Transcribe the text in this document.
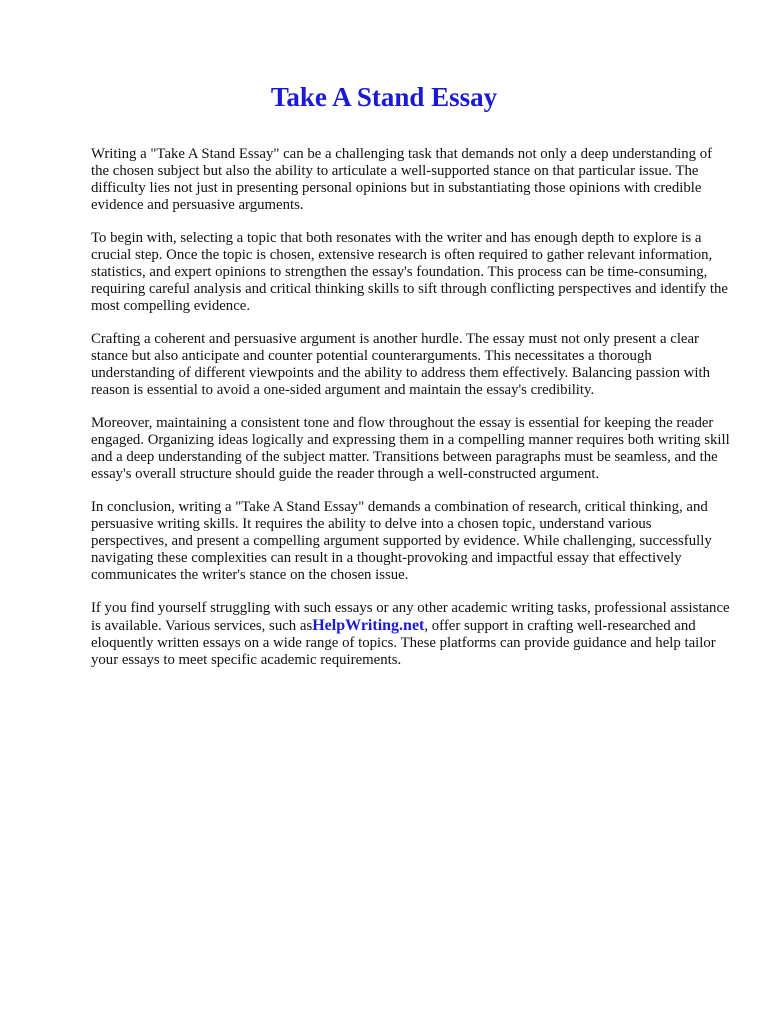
Take A Stand Essay

Writing a "Take A Stand Essay" can be a challenging task that demands not only a deep understanding of the chosen subject but also the ability to articulate a well-supported stance on that particular issue. The difficulty lies not just in presenting personal opinions but in substantiating those opinions with credible evidence and persuasive arguments.

To begin with, selecting a topic that both resonates with the writer and has enough depth to explore is a crucial step. Once the topic is chosen, extensive research is often required to gather relevant information, statistics, and expert opinions to strengthen the essay's foundation. This process can be time-consuming, requiring careful analysis and critical thinking skills to sift through conflicting perspectives and identify the most compelling evidence.

Crafting a coherent and persuasive argument is another hurdle. The essay must not only present a clear stance but also anticipate and counter potential counterarguments. This necessitates a thorough understanding of different viewpoints and the ability to address them effectively. Balancing passion with reason is essential to avoid a one-sided argument and maintain the essay's credibility.

Moreover, maintaining a consistent tone and flow throughout the essay is essential for keeping the reader engaged. Organizing ideas logically and expressing them in a compelling manner requires both writing skill and a deep understanding of the subject matter. Transitions between paragraphs must be seamless, and the essay's overall structure should guide the reader through a well-constructed argument.

In conclusion, writing a "Take A Stand Essay" demands a combination of research, critical thinking, and persuasive writing skills. It requires the ability to delve into a chosen topic, understand various perspectives, and present a compelling argument supported by evidence. While challenging, successfully navigating these complexities can result in a thought-provoking and impactful essay that effectively communicates the writer's stance on the chosen issue.

If you find yourself struggling with such essays or any other academic writing tasks, professional assistance is available. Various services, such asHelpWriting.net, offer support in crafting well-researched and eloquently written essays on a wide range of topics. These platforms can provide guidance and help tailor your essays to meet specific academic requirements.
